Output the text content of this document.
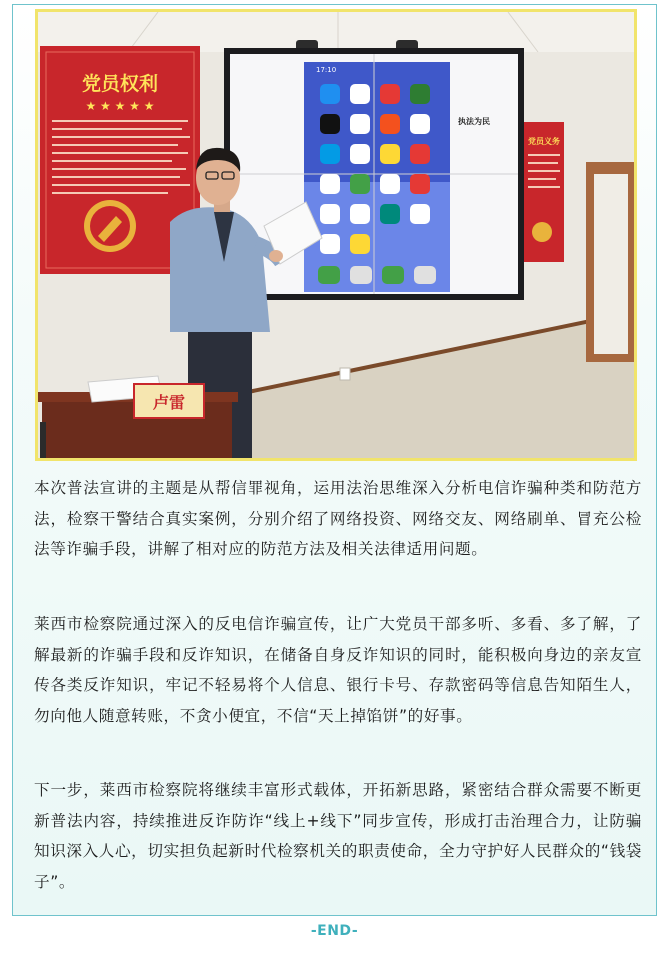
党员权利
★ ★ ★ ★ ★
党员义务
17:10
执法为民
卢雷

本次普法宣讲的主题是从帮信罪视角，运用法治思维深入分析电信诈骗种类和防范方法，检察干警结合真实案例，分别介绍了网络投资、网络交友、网络刷单、冒充公检法等诈骗手段，讲解了相对应的防范方法及相关法律适用问题。

莱西市检察院通过深入的反电信诈骗宣传，让广大党员干部多听、多看、多了解，了解最新的诈骗手段和反诈知识，在储备自身反诈知识的同时，能积极向身边的亲友宣传各类反诈知识，牢记不轻易将个人信息、银行卡号、存款密码等信息告知陌生人，勿向他人随意转账，不贪小便宜，不信“天上掉馅饼”的好事。

下一步，莱西市检察院将继续丰富形式载体，开拓新思路，紧密结合群众需要不断更新普法内容，持续推进反诈防诈“线上+线下”同步宣传，形成打击治理合力，让防骗知识深入人心，切实担负起新时代检察机关的职责使命，全力守护好人民群众的“钱袋子”。

-END-
